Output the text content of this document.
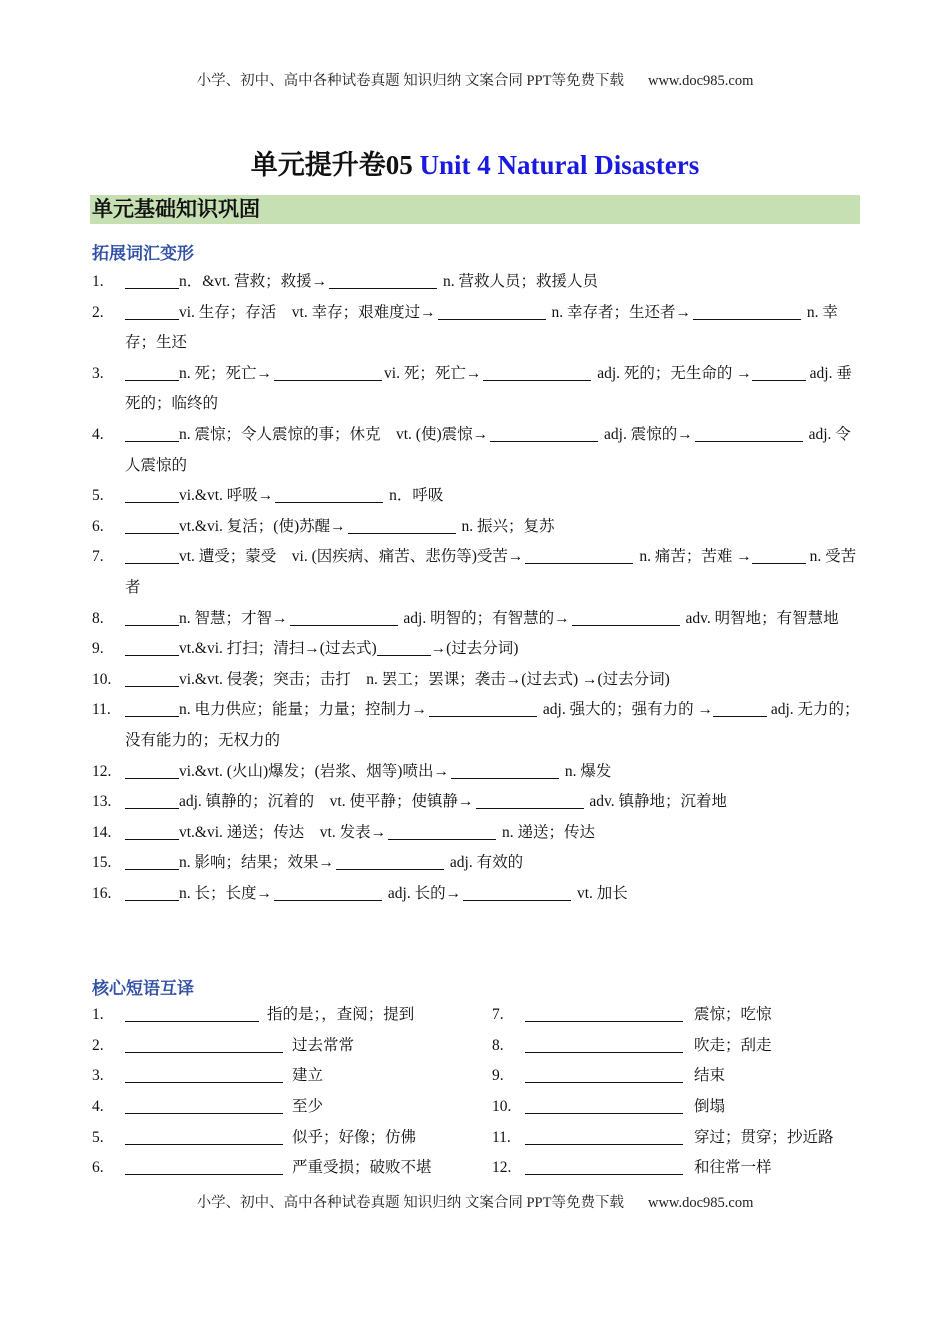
小学、初中、高中各种试卷真题 知识归纳 文案合同 PPT等免费下载 www.doc985.com
单元提升卷05 Unit 4 Natural Disasters
单元基础知识巩固
拓展词汇变形
1.	n．&vt. 营救；救援→	n. 营救人员；救援人员
2.	vi. 生存；存活　vt. 幸存；艰难度过→	n. 幸存者；生还者→	n. 幸存；生还
3.	n. 死；死亡→	vi. 死；死亡→	adj. 死的；无生命的 →	adj. 垂死的；临终的
4.	n. 震惊；令人震惊的事；休克　vt. (使)震惊→	adj. 震惊的→	adj. 令人震惊的
5.	vi.&vt. 呼吸→	n．呼吸
6.	vt.&vi. 复活；(使)苏醒→	n. 振兴；复苏
7.	vt. 遭受；蒙受　vi. (因疾病、痛苦、悲伤等)受苦→	n. 痛苦；苦难 →	n. 受苦者
8.	n. 智慧；才智→	adj. 明智的；有智慧的→	adv. 明智地；有智慧地
9.	vt.&vi. 打扫；清扫→(过去式)	→(过去分词)
10.	vi.&vt. 侵袭；突击；击打　n. 罢工；罢课；袭击→(过去式) →(过去分词)
11.	n. 电力供应；能量；力量；控制力→	adj. 强大的；强有力的 →	adj. 无力的；没有能力的；无权力的
12.	vi.&vt. (火山)爆发；(岩浆、烟等)喷出→	n. 爆发
13.	adj. 镇静的；沉着的　vt. 使平静；使镇静→	adv. 镇静地；沉着地
14.	vt.&vi. 递送；传达　vt. 发表→	n. 递送；传达
15.	n. 影响；结果；效果→	adj. 有效的
16.	n. 长；长度→	adj. 长的→	vt. 加长
核心短语互译
1.	指的是；，查阅；提到
2.	过去常常
3.	建立
4.	至少
5.	似乎；好像；仿佛
6.	严重受损；破败不堪
7.	震惊；吃惊
8.	吹走；刮走
9.	结束
10.	倒塌
11.	穿过；贯穿；抄近路
12.	和往常一样
小学、初中、高中各种试卷真题 知识归纳 文案合同 PPT等免费下载 www.doc985.com
